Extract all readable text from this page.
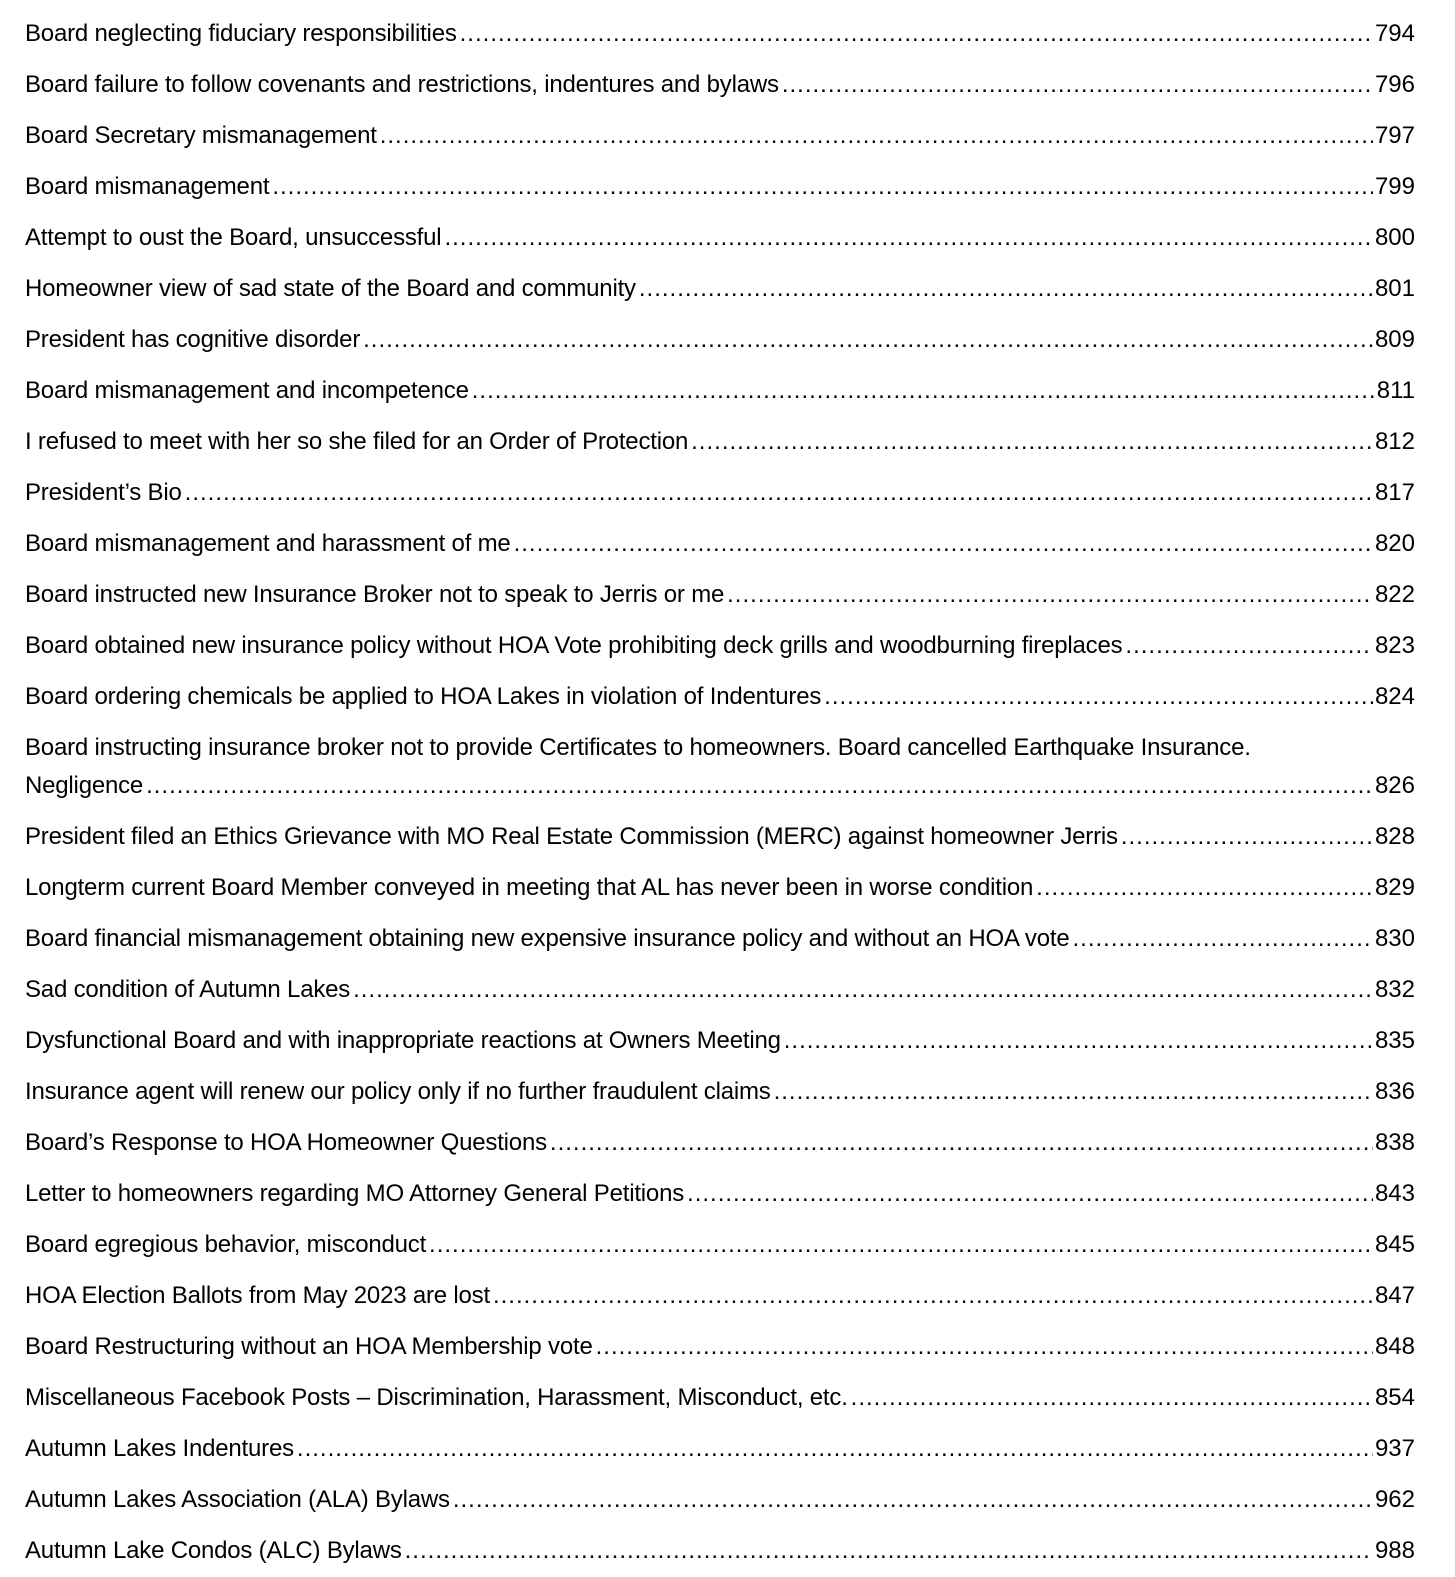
Board neglecting fiduciary responsibilities .....	794
Board failure to follow covenants and restrictions, indentures and bylaws .....	796
Board Secretary mismanagement .....	797
Board mismanagement .....	799
Attempt to oust the Board, unsuccessful .....	800
Homeowner view of sad state of the Board and community .....	801
President has cognitive disorder .....	809
Board mismanagement and incompetence .....	811
I refused to meet with her so she filed for an Order of Protection .....	812
President’s Bio .....	817
Board mismanagement and harassment of me .....	820
Board instructed new Insurance Broker not to speak to Jerris or me .....	822
Board obtained new insurance policy without HOA Vote prohibiting deck grills and woodburning fireplaces .....	823
Board ordering chemicals be applied to HOA Lakes in violation of Indentures .....	824
Board instructing insurance broker not to provide Certificates to homeowners. Board cancelled Earthquake Insurance.
Negligence .....	826
President filed an Ethics Grievance with MO Real Estate Commission (MERC) against homeowner Jerris .....	828
Longterm current Board Member conveyed in meeting that AL has never been in worse condition .....	829
Board financial mismanagement obtaining new expensive insurance policy and without an HOA vote .....	830
Sad condition of Autumn Lakes .....	832
Dysfunctional Board and with inappropriate reactions at Owners Meeting .....	835
Insurance agent will renew our policy only if no further fraudulent claims .....	836
Board’s Response to HOA Homeowner Questions .....	838
Letter to homeowners regarding MO Attorney General Petitions .....	843
Board egregious behavior, misconduct .....	845
HOA Election Ballots from May 2023 are lost .....	847
Board Restructuring without an HOA Membership vote .....	848
Miscellaneous Facebook Posts – Discrimination, Harassment, Misconduct, etc. .....	854
Autumn Lakes Indentures .....	937
Autumn Lakes Association (ALA) Bylaws .....	962
Autumn Lake Condos (ALC) Bylaws .....	988
